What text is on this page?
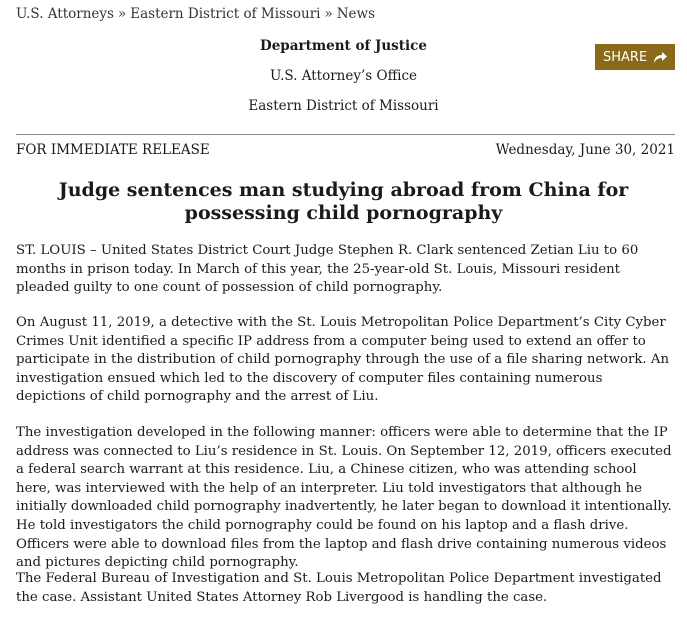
U.S. Attorneys » Eastern District of Missouri » News
Department of Justice
U.S. Attorney’s Office
Eastern District of Missouri
SHARE
FOR IMMEDIATE RELEASE	Wednesday, June 30, 2021
Judge sentences man studying abroad from China for possessing child pornography

ST. LOUIS – United States District Court Judge Stephen R. Clark sentenced Zetian Liu to 60 months in prison today. In March of this year, the 25-year-old St. Louis, Missouri resident pleaded guilty to one count of possession of child pornography.

On August 11, 2019, a detective with the St. Louis Metropolitan Police Department’s City Cyber Crimes Unit identified a specific IP address from a computer being used to extend an offer to participate in the distribution of child pornography through the use of a file sharing network. An investigation ensued which led to the discovery of computer files containing numerous depictions of child pornography and the arrest of Liu.

The investigation developed in the following manner: officers were able to determine that the IP address was connected to Liu’s residence in St. Louis. On September 12, 2019, officers executed a federal search warrant at this residence. Liu, a Chinese citizen, who was attending school here, was interviewed with the help of an interpreter. Liu told investigators that although he initially downloaded child pornography inadvertently, he later began to download it intentionally. He told investigators the child pornography could be found on his laptop and a flash drive. Officers were able to download files from the laptop and flash drive containing numerous videos and pictures depicting child pornography.

The Federal Bureau of Investigation and St. Louis Metropolitan Police Department investigated the case. Assistant United States Attorney Rob Livergood is handling the case.
